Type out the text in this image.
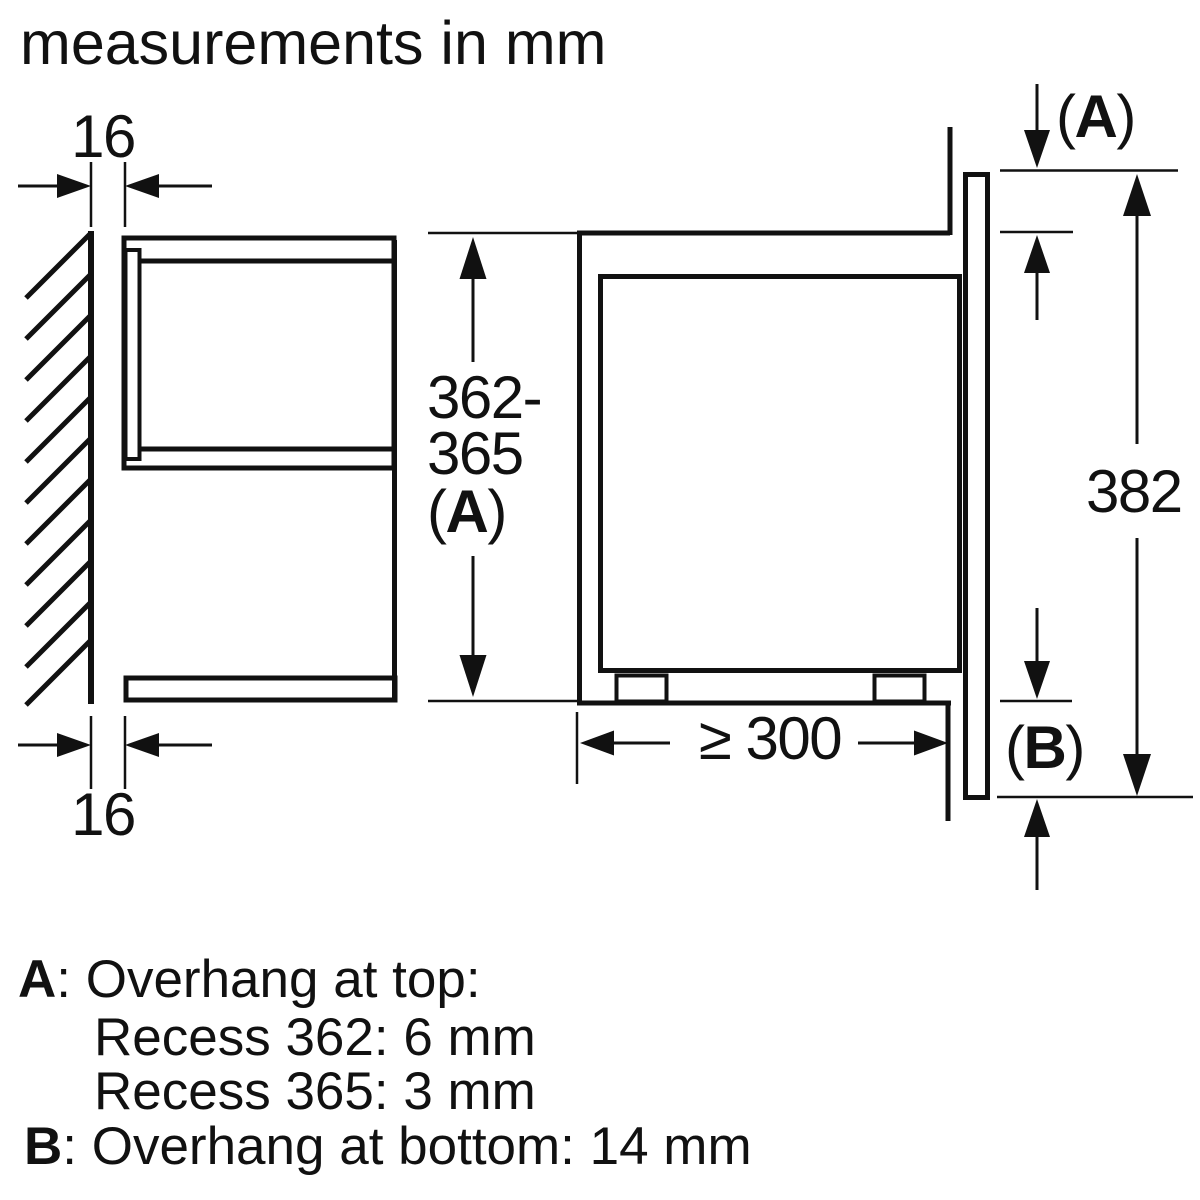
measurements in mm
16
16
362-
365
(A)
(A)
382
(B)
≥ 300
A: Overhang at top:
Recess 362: 6 mm
Recess 365: 3 mm
B: Overhang at bottom: 14 mm
